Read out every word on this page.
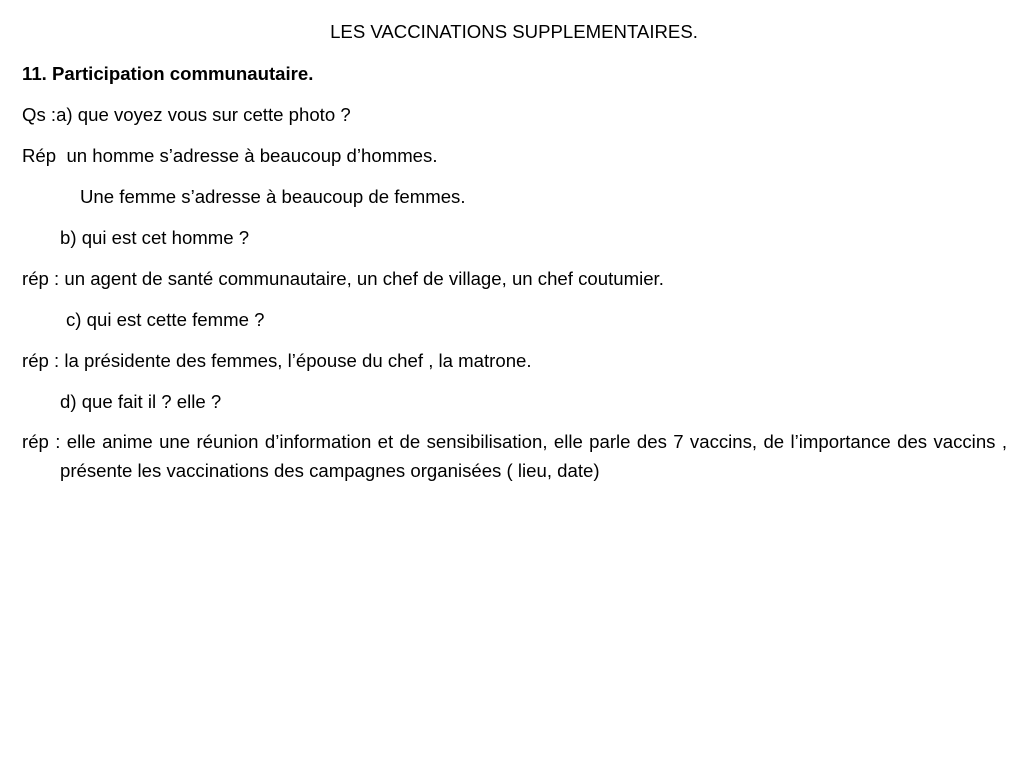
LES VACCINATIONS SUPPLEMENTAIRES.
11. Participation communautaire.
Qs :a) que voyez vous sur cette photo ?
Rép  un homme s’adresse à beaucoup d’hommes.
Une femme s’adresse à beaucoup de femmes.
b) qui est cet homme ?
rép : un agent de santé communautaire, un chef de village, un chef coutumier.
c) qui est cette femme ?
rép : la présidente des femmes, l’épouse du chef , la matrone.
d) que fait il ? elle ?
rép : elle anime une réunion d’information et de sensibilisation, elle parle des 7 vaccins, de l’importance des vaccins , présente les vaccinations des campagnes organisées ( lieu, date)
